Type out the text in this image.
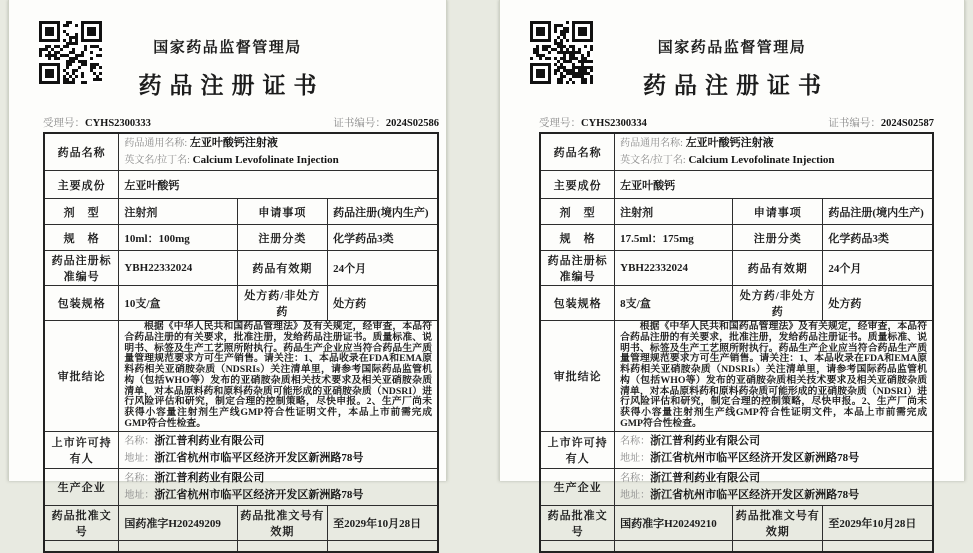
国家药品监督管理局
药品注册证书
受理号：CYHS2300333	证书编号：2024S02586
药品名称	药品通用名称: 左亚叶酸钙注射液
英文名/拉丁名: Calcium Levofolinate Injection		

主要成份	左亚叶酸钙		
剂　型	注射剂	申请事项	药品注册(境内生产)
规　格	10ml：100mg	注册分类	化学药品3类
药品注册标准编号	YBH22332024	药品有效期	24个月
包装规格	10支/盒	处方药/非处方药	处方药
审批结论	根据《中华人民共和国药品管理法》及有关规定，经审查，本品符合药品注册的有关要求，批准注册，发给药品注册证书。质量标准、说明书、标签及生产工艺照所附执行。药品生产企业应当符合药品生产质量管理规范要求方可生产销售。请关注：1、本品收录在FDA和EMA原料药相关亚硝胺杂质（NDSRIs）关注清单里，请参考国际药品监管机构（包括WHO等）发布的亚硝胺杂质相关技术要求及相关亚硝胺杂质清单，对本品原料药和原料药杂质可能形成的亚硝胺杂质（NDSRI）进行风险评估和研究，制定合理的控制策略，尽快申报。2、生产厂尚未获得小容量注射剂生产线GMP符合性证明文件，本品上市前需完成GMP符合性检查。		

上市许可持有人	名称：浙江普利药业有限公司
地址：浙江省杭州市临平区经济开发区新洲路78号		

生产企业	名称：浙江普利药业有限公司
地址：浙江省杭州市临平区经济开发区新洲路78号		

药品批准文号	国药准字H20249209	药品批准文号有效期	至2029年10月28日

国家药品监督管理局
药品注册证书
受理号：CYHS2300334	证书编号：2024S02587
药品名称	药品通用名称: 左亚叶酸钙注射液
英文名/拉丁名: Calcium Levofolinate Injection		

主要成份	左亚叶酸钙		
剂　型	注射剂	申请事项	药品注册(境内生产)
规　格	17.5ml：175mg	注册分类	化学药品3类
药品注册标准编号	YBH22332024	药品有效期	24个月
包装规格	8支/盒	处方药/非处方药	处方药
审批结论	根据《中华人民共和国药品管理法》及有关规定，经审查，本品符合药品注册的有关要求，批准注册，发给药品注册证书。质量标准、说明书、标签及生产工艺照所附执行。药品生产企业应当符合药品生产质量管理规范要求方可生产销售。请关注：1、本品收录在FDA和EMA原料药相关亚硝胺杂质（NDSRIs）关注清单里，请参考国际药品监管机构（包括WHO等）发布的亚硝胺杂质相关技术要求及相关亚硝胺杂质清单，对本品原料药和原料药杂质可能形成的亚硝胺杂质（NDSRI）进行风险评估和研究，制定合理的控制策略，尽快申报。2、生产厂尚未获得小容量注射剂生产线GMP符合性证明文件，本品上市前需完成GMP符合性检查。		

上市许可持有人	名称：浙江普利药业有限公司
地址：浙江省杭州市临平区经济开发区新洲路78号		

生产企业	名称：浙江普利药业有限公司
地址：浙江省杭州市临平区经济开发区新洲路78号		

药品批准文号	国药准字H20249210	药品批准文号有效期	至2029年10月28日
